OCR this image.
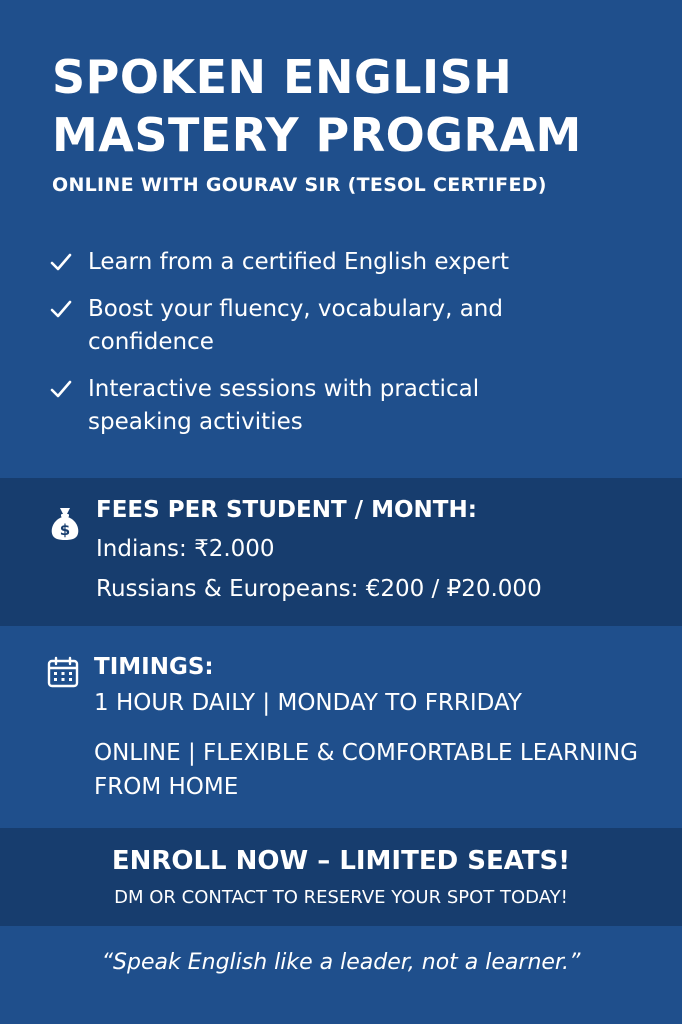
SPOKEN ENGLISH
MASTERY PROGRAM
ONLINE WITH GOURAV SIR (TESOL CERTIFED)
Learn from a certified English expert
Boost your fluency, vocabulary, and confidence
Interactive sessions with practical speaking activities
$
FEES PER STUDENT / MONTH:
Indians: ₹2.000
Russians & Europeans: €200 / ₽20.000
TIMINGS:
1 HOUR DAILY | MONDAY TO FRRIDAY
ONLINE | FLEXIBLE & COMFORTABLE LEARNING FROM HOME
ENROLL NOW – LIMITED SEATS!
DM OR CONTACT TO RESERVE YOUR SPOT TODAY!
“Speak English like a leader, not a learner.”
